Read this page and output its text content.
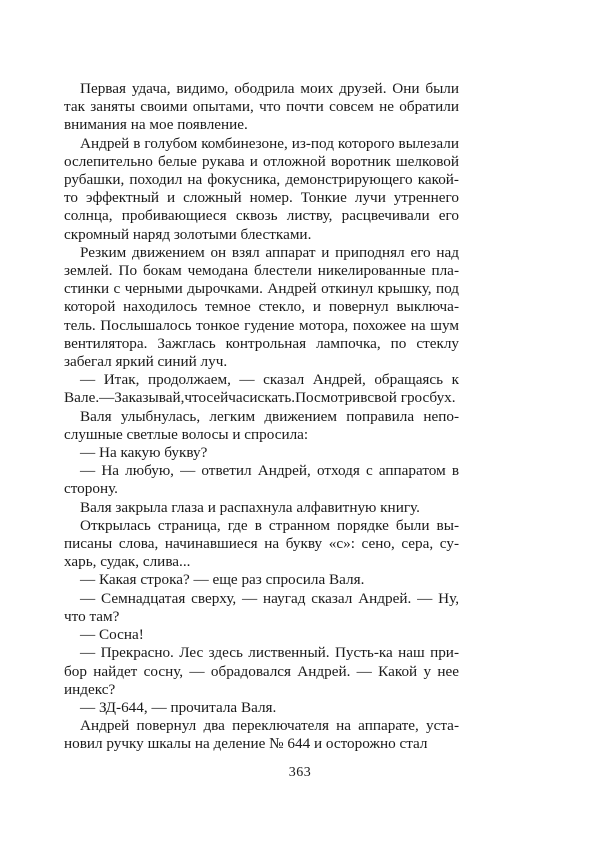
Первая удача, видимо, ободрила моих друзей. Они были так заняты своими опытами, что почти совсем не обратили внимания на мое появление.

Андрей в голубом комбинезоне, из-под которого вылезали ослепительно белые рукава и отложной воротник шелковой рубашки, походил на фокусника, демонстрирующего какой-то эффектный и сложный номер. Тонкие лучи утреннего солнца, пробивающиеся сквозь листву, расцвечивали его скромный наряд золотыми блестками.

Резким движением он взял аппарат и приподнял его над землей. По бокам чемодана блестели никелированные пластинки с черными дырочками. Андрей откинул крышку, под которой находилось темное стекло, и повернул выключатель. Послышалось тонкое гудение мотора, похожее на шум вентилятора. Зажглась контрольная лампочка, по стеклу забегал яркий синий луч.

— Итак, продолжаем, — сказал Андрей, обращаясь к Вале.—Заказывай,чтосейчасискать.Посмотривсвой гросбух.

Валя улыбнулась, легким движением поправила непослушные светлые волосы и спросила:

— На какую букву?

— На любую, — ответил Андрей, отходя с аппаратом в сторону.

Валя закрыла глаза и распахнула алфавитную книгу.

Открылась страница, где в странном порядке были выписаны слова, начинавшиеся на букву «с»: сено, сера, сухарь, судак, слива...

— Какая строка? — еще раз спросила Валя.

— Семнадцатая сверху, — наугад сказал Андрей. — Ну, что там?

— Сосна!

— Прекрасно. Лес здесь лиственный. Пусть-ка наш прибор найдет сосну, — обрадовался Андрей. — Какой у нее индекс?

— ЗД-644, — прочитала Валя.

Андрей повернул два переключателя на аппарате, установил ручку шкалы на деление № 644 и осторожно стал

363
